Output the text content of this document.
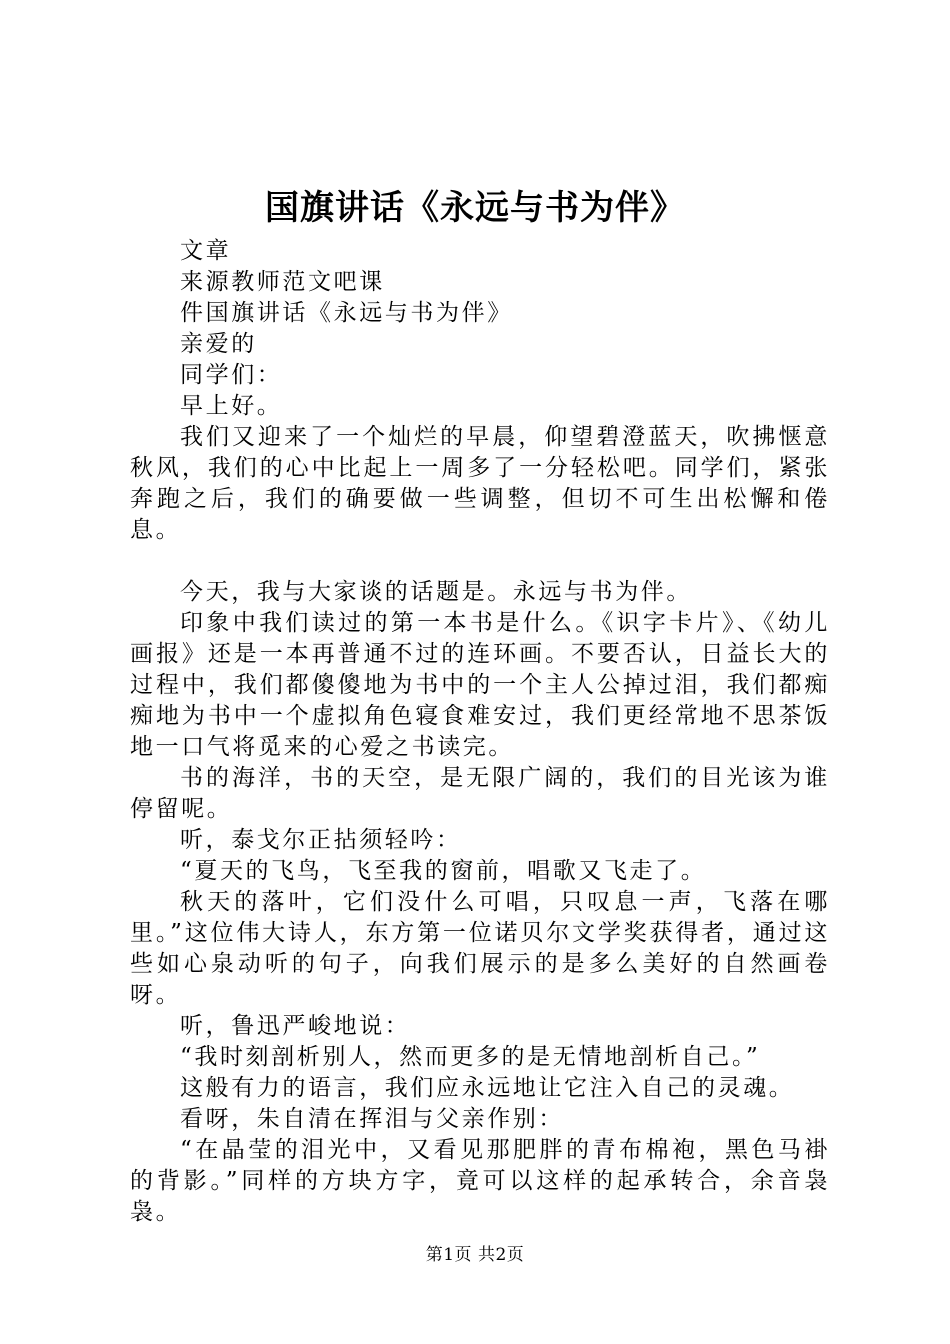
国旗讲话《永远与书为伴》

文章

来源教师范文吧课

件国旗讲话《永远与书为伴》

亲爱的

同学们：

早上好。

我们又迎来了一个灿烂的早晨，仰望碧澄蓝天，吹拂惬意秋风，我们的心中比起上一周多了一分轻松吧。同学们，紧张奔跑之后，我们的确要做一些调整，但切不可生出松懈和倦息。

今天，我与大家谈的话题是。永远与书为伴。

印象中我们读过的第一本书是什么。《识字卡片》、《幼儿画报》还是一本再普通不过的连环画。不要否认，日益长大的过程中，我们都傻傻地为书中的一个主人公掉过泪，我们都痴痴地为书中一个虚拟角色寝食难安过，我们更经常地不思茶饭地一口气将觅来的心爱之书读完。

书的海洋，书的天空，是无限广阔的，我们的目光该为谁停留呢。

听，泰戈尔正拈须轻吟：

“夏天的飞鸟，飞至我的窗前，唱歌又飞走了。

秋天的落叶，它们没什么可唱，只叹息一声，飞落在哪里。”这位伟大诗人，东方第一位诺贝尔文学奖获得者，通过这些如心泉动听的句子，向我们展示的是多么美好的自然画卷呀。

听，鲁迅严峻地说：

“我时刻剖析别人，然而更多的是无情地剖析自己。”

这般有力的语言，我们应永远地让它注入自己的灵魂。

看呀，朱自清在挥泪与父亲作别：

“在晶莹的泪光中，又看见那肥胖的青布棉袍，黑色马褂的背影。”同样的方块方字，竟可以这样的起承转合，余音袅袅。

第1页 共2页
